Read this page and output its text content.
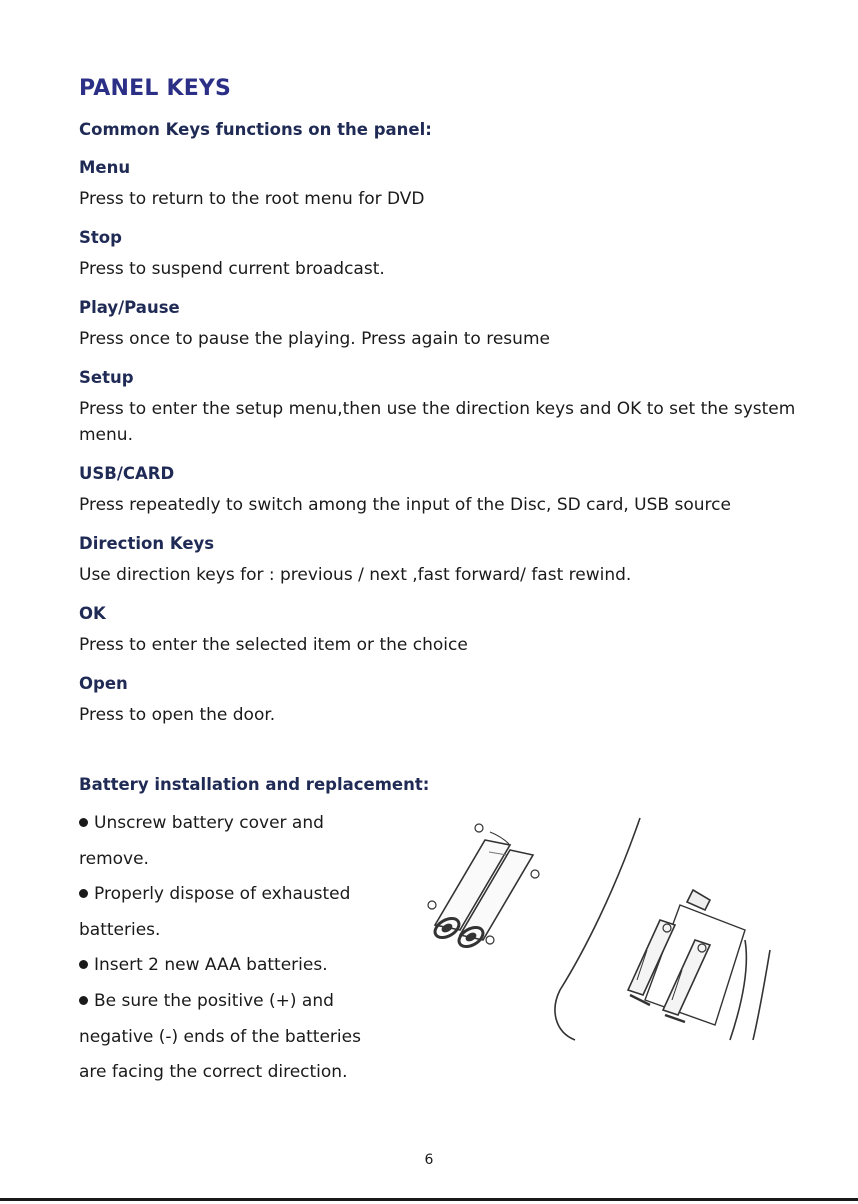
PANEL KEYS

Common Keys functions on the panel:

Menu
Press to return to the root menu for DVD
Stop
Press to suspend current broadcast.
Play/Pause
Press once to pause the playing. Press again to resume
Setup
Press to enter the setup menu,then use the direction keys and OK to set the system menu.
USB/CARD
Press repeatedly to switch among the input of the Disc, SD card, USB source
Direction Keys
Use direction keys for : previous / next ,fast forward/ fast rewind.
OK
Press to enter the selected item or the choice
Open
Press to open the door.

Battery installation and replacement:

Unscrew battery cover and
remove.
Properly dispose of exhausted
batteries.
Insert 2 new AAA batteries.
Be sure the positive (+) and
negative (-) ends of the batteries
are facing the correct direction.
6
